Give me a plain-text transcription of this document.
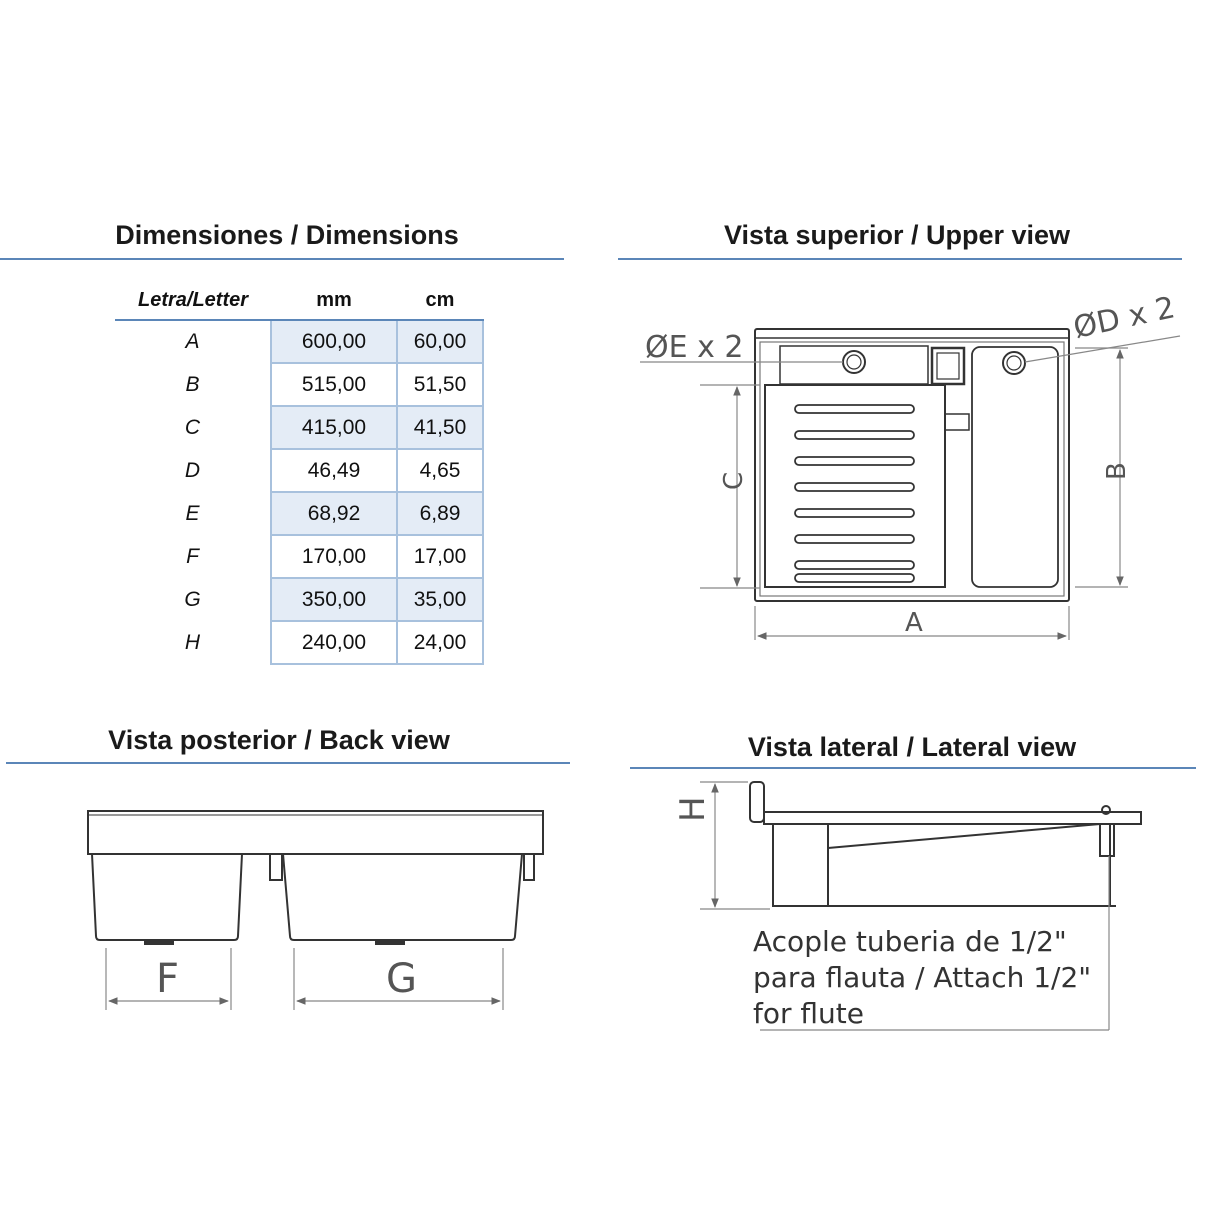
Dimensiones / Dimensions	Vista superior / Upper view
Vista posterior / Back view	Vista lateral / Lateral view
Letra/Letter	mm	cm
A	600,00	60,00
B	515,00	51,50
C	415,00	41,50
D	46,49	4,65
E	68,92	6,89
F	170,00	17,00
G	350,00	35,00
H	240,00	24,00
ØE x 2
ØD x 2
A
B
C
F	G
H
Acople tuberia de 1/2"
para flauta / Attach 1/2"
for flute
